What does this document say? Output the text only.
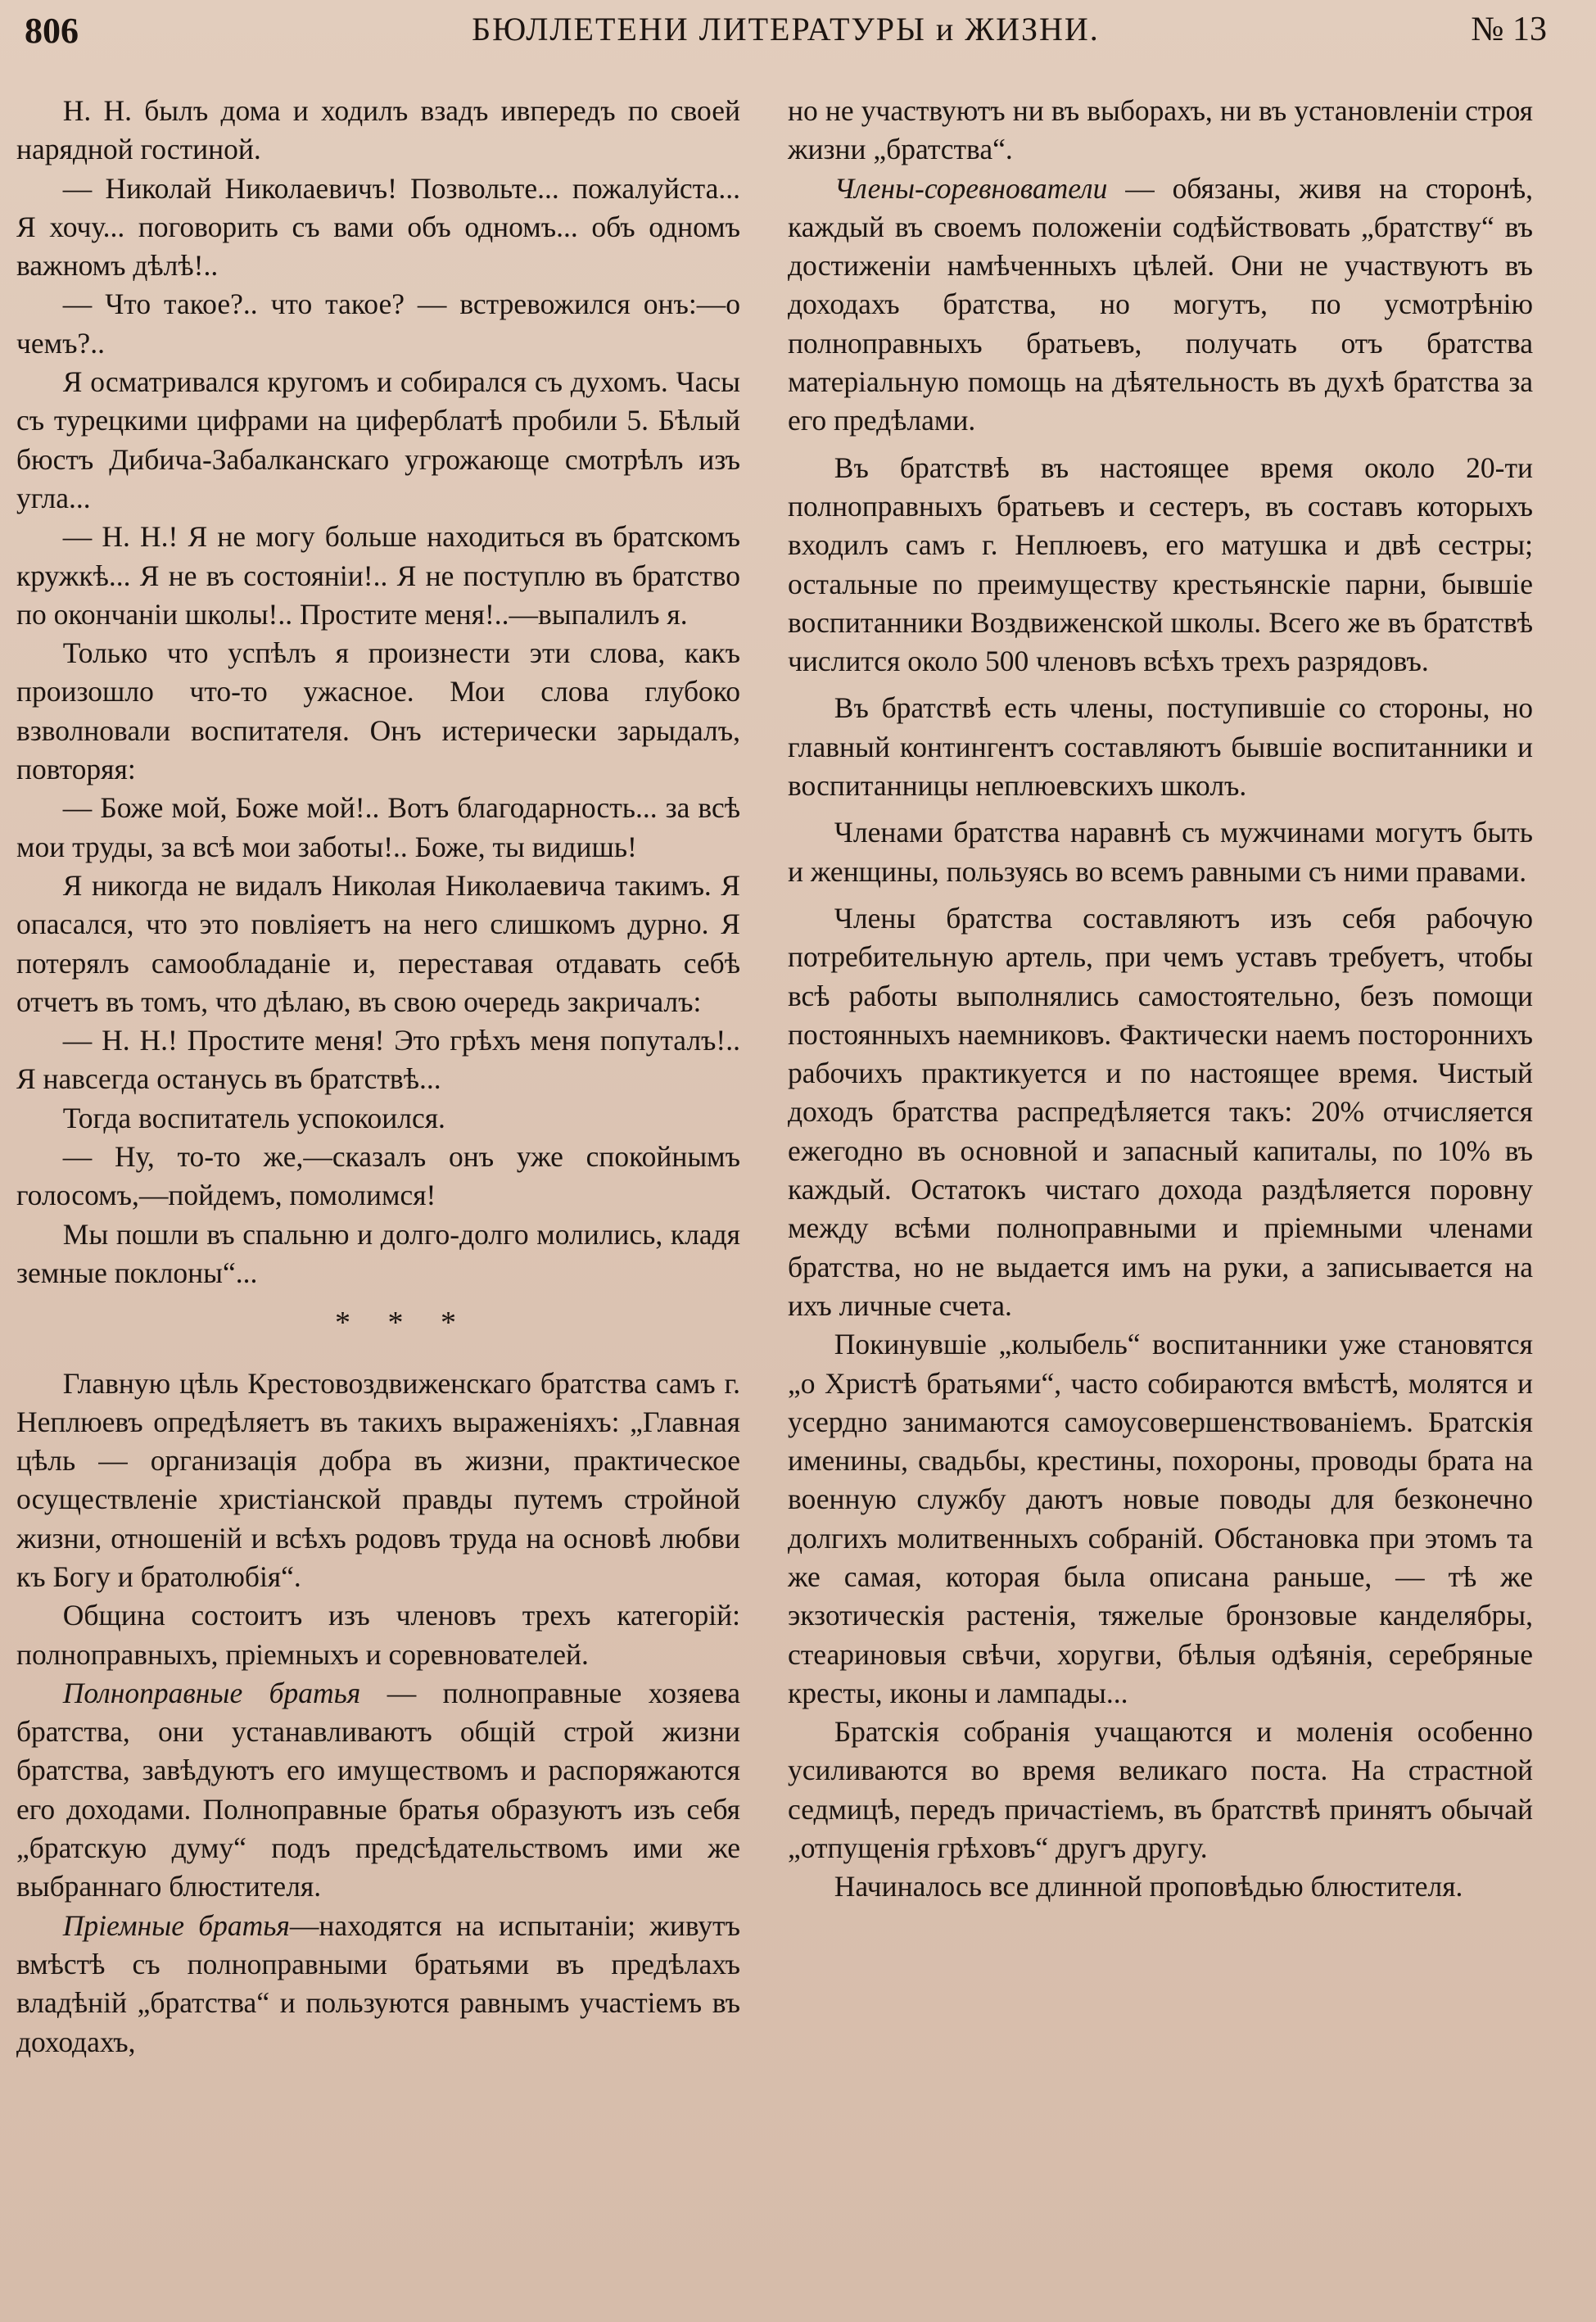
806	БЮЛЛЕТЕНИ ЛИТЕРАТУРЫ и ЖИЗНИ.	№ 13

Н. Н. былъ дома и ходилъ взадъ ивпередъ по своей нарядной гостиной.

— Николай Николаевичъ! Позвольте... пожалуйста... Я хочу... поговорить съ вами объ одномъ... объ одномъ важномъ дѣлѣ!..

— Что такое?.. что такое? — встревожился онъ:—о чемъ?..

Я осматривался кругомъ и собирался съ духомъ. Часы съ турецкими цифрами на циферблатѣ пробили 5. Бѣлый бюстъ Дибича-Забалканскаго угрожающе смотрѣлъ изъ угла...

— Н. Н.! Я не могу больше находиться въ братскомъ кружкѣ... Я не въ состояніи!.. Я не поступлю въ братство по окончаніи школы!.. Простите меня!..—выпалилъ я.

Только что успѣлъ я произнести эти слова, какъ произошло что-то ужасное. Мои слова глубоко взволновали воспитателя. Онъ истерически зарыдалъ, повторяя:

— Боже мой, Боже мой!.. Вотъ благодарность... за всѣ мои труды, за всѣ мои заботы!.. Боже, ты видишь!

Я никогда не видалъ Николая Николаевича такимъ. Я опасался, что это повліяетъ на него слишкомъ дурно. Я потерялъ самообладаніе и, переставая отдавать себѣ отчетъ въ томъ, что дѣлаю, въ свою очередь закричалъ:

— Н. Н.! Простите меня! Это грѣхъ меня попуталъ!.. Я навсегда останусь въ братствѣ...

Тогда воспитатель успокоился.

— Ну, то-то же,—сказалъ онъ уже спокойнымъ голосомъ,—пойдемъ, помолимся!

Мы пошли въ спальню и долго-долго молились, кладя земные поклоны“...

* * *

Главную цѣль Крестовоздвиженскаго братства самъ г. Неплюевъ опредѣляетъ въ такихъ выраженіяхъ: „Главная цѣль — организація добра въ жизни, практическое осуществленіе христіанской правды путемъ стройной жизни, отношеній и всѣхъ родовъ труда на основѣ любви къ Богу и братолюбія“.

Община состоитъ изъ членовъ трехъ категорій: полноправныхъ, пріемныхъ и соревнователей.

Полноправные братья — полноправные хозяева братства, они устанавливаютъ общій строй жизни братства, завѣдуютъ его имуществомъ и распоряжаются его доходами. Полноправные братья образуютъ изъ себя „братскую думу“ подъ предсѣдательствомъ ими же выбраннаго блюстителя.

Пріемные братья—находятся на испытаніи; живутъ вмѣстѣ съ полноправными братьями въ предѣлахъ владѣній „братства“ и пользуются равнымъ участіемъ въ доходахъ,

но не участвуютъ ни въ выборахъ, ни въ установленіи строя жизни „братства“.

Члены-соревнователи — обязаны, живя на сторонѣ, каждый въ своемъ положеніи содѣйствовать „братству“ въ достиженіи намѣченныхъ цѣлей. Они не участвуютъ въ доходахъ братства, но могутъ, по усмотрѣнію полноправныхъ братьевъ, получать отъ братства матеріальную помощь на дѣятельность въ духѣ братства за его предѣлами.

Въ братствѣ въ настоящее время около 20-ти полноправныхъ братьевъ и сестеръ, въ составъ которыхъ входилъ самъ г. Неплюевъ, его матушка и двѣ сестры; остальные по преимуществу крестьянскіе парни, бывшіе воспитанники Воздвиженской школы. Всего же въ братствѣ числится около 500 членовъ всѣхъ трехъ разрядовъ.

Въ братствѣ есть члены, поступившіе со стороны, но главный контингентъ составляютъ бывшіе воспитанники и воспитанницы неплюевскихъ школъ.

Членами братства наравнѣ съ мужчинами могутъ быть и женщины, пользуясь во всемъ равными съ ними правами.

Члены братства составляютъ изъ себя рабочую потребительную артель, при чемъ уставъ требуетъ, чтобы всѣ работы выполнялись самостоятельно, безъ помощи постоянныхъ наемниковъ. Фактически наемъ постороннихъ рабочихъ практикуется и по настоящее время. Чистый доходъ братства распредѣляется такъ: 20% отчисляется ежегодно въ основной и запасный капиталы, по 10% въ каждый. Остатокъ чистаго дохода раздѣляется поровну между всѣми полноправными и пріемными членами братства, но не выдается имъ на руки, а записывается на ихъ личные счета.

Покинувшіе „колыбель“ воспитанники уже становятся „о Христѣ братьями“, часто собираются вмѣстѣ, молятся и усердно занимаются самоусовершенствованіемъ. Братскія именины, свадьбы, крестины, похороны, проводы брата на военную службу даютъ новые поводы для безконечно долгихъ молитвенныхъ собраній. Обстановка при этомъ та же самая, которая была описана раньше, — тѣ же экзотическія растенія, тяжелые бронзовые канделябры, стеариновыя свѣчи, хоругви, бѣлыя одѣянія, серебряные кресты, иконы и лампады...

Братскія собранія учащаются и моленія особенно усиливаются во время великаго поста. На страстной седмицѣ, передъ причастіемъ, въ братствѣ принятъ обычай „отпущенія грѣховъ“ другъ другу.

Начиналось все длинной проповѣдью блюстителя.
